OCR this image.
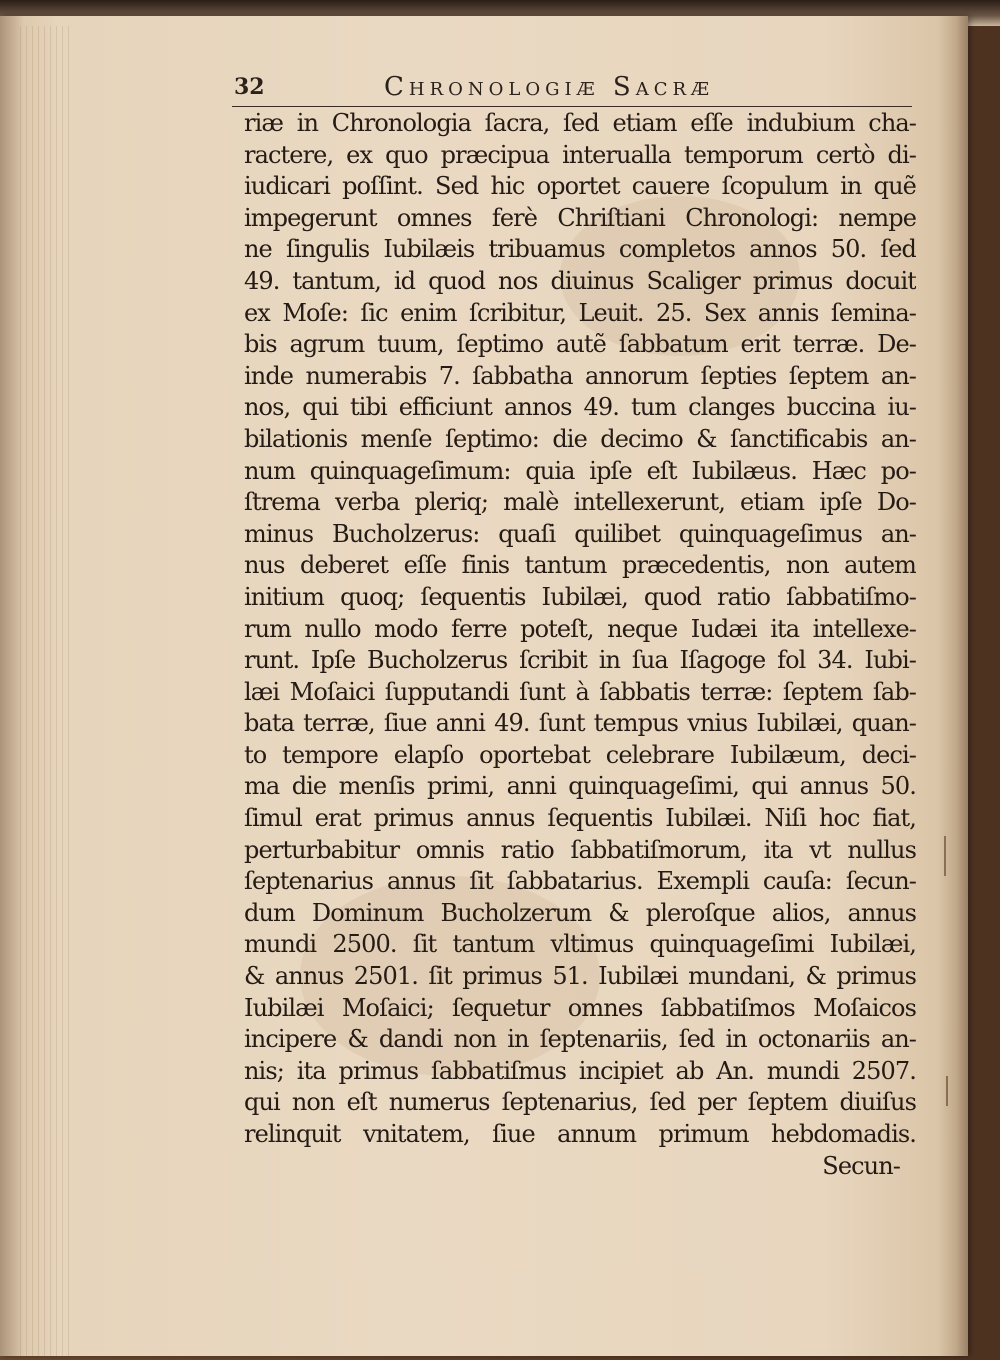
32	Chronologiæ Sacræ
riæ in Chronologia ſacra, ſed etiam eſſe indubium cha-
ractere, ex quo præcipua interualla temporum certò di-
iudicari poſſint. Sed hic oportet cauere ſcopulum in quẽ
impegerunt omnes ferè Chriſtiani Chronologi: nempe
ne ſingulis Iubilæis tribuamus completos annos 50. ſed
49. tantum, id quod nos diuinus Scaliger primus docuit
ex Moſe: ſic enim ſcribitur, Leuit. 25. Sex annis ſemina-
bis agrum tuum, ſeptimo autẽ ſabbatum erit terræ. De-
inde numerabis 7. ſabbatha annorum ſepties ſeptem an-
nos, qui tibi efficiunt annos 49. tum clanges buccina iu-
bilationis menſe ſeptimo: die decimo & ſanctificabis an-
num quinquageſimum: quia ipſe eſt Iubilæus. Hæc po-
ſtrema verba pleriq; malè intellexerunt, etiam ipſe Do-
minus Bucholzerus: quaſi quilibet quinquageſimus an-
nus deberet eſſe finis tantum præcedentis, non autem
initium quoq; ſequentis Iubilæi, quod ratio ſabbatiſmo-
rum nullo modo ferre poteſt, neque Iudæi ita intellexe-
runt. Ipſe Bucholzerus ſcribit in ſua Iſagoge fol 34. Iubi-
læi Moſaici ſupputandi ſunt à ſabbatis terræ: ſeptem ſab-
bata terræ, ſiue anni 49. ſunt tempus vnius Iubilæi, quan-
to tempore elapſo oportebat celebrare Iubilæum, deci-
ma die menſis primi, anni quinquageſimi, qui annus 50.
ſimul erat primus annus ſequentis Iubilæi. Niſi hoc fiat,
perturbabitur omnis ratio ſabbatiſmorum, ita vt nullus
ſeptenarius annus ſit ſabbatarius. Exempli cauſa: ſecun-
dum Dominum Bucholzerum & pleroſque alios, annus
mundi 2500. ſit tantum vltimus quinquageſimi Iubilæi,
& annus 2501. ſit primus 51. Iubilæi mundani, & primus
Iubilæi Moſaici; ſequetur omnes ſabbatiſmos Moſaicos
incipere & dandi non in ſeptenariis, ſed in octonariis an-
nis; ita primus ſabbatiſmus incipiet ab An. mundi 2507.
qui non eſt numerus ſeptenarius, ſed per ſeptem diuiſus
relinquit vnitatem, ſiue annum primum hebdomadis.
Secun-
